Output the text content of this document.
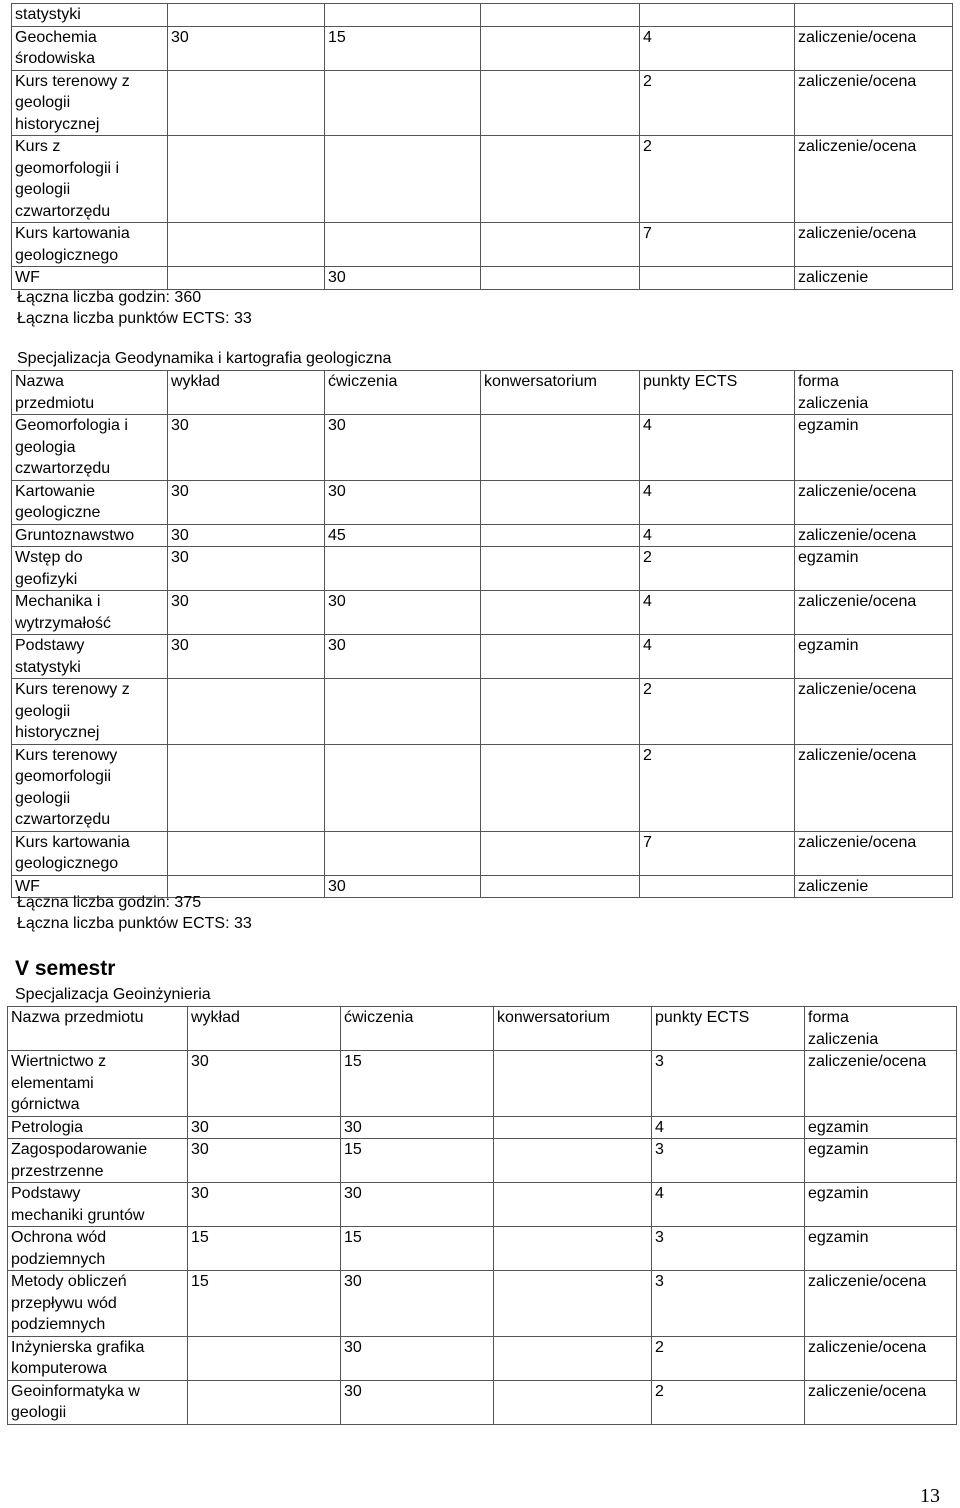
statystyki					
Geochemia
środowiska	30	15		4	zaliczenie/ocena
Kurs terenowy z
geologii
historycznej				2	zaliczenie/ocena
Kurs z
geomorfologii i
geologii
czwartorzędu				2	zaliczenie/ocena
Kurs kartowania
geologicznego				7	zaliczenie/ocena
WF		30			zaliczenie
Łączna liczba godzin: 360
Łączna liczba punktów ECTS: 33
Specjalizacja Geodynamika i kartografia geologiczna
Nazwa
przedmiotu	wykład	ćwiczenia	konwersatorium	punkty ECTS	forma
zaliczenia
Geomorfologia i
geologia
czwartorzędu	30	30		4	egzamin
Kartowanie
geologiczne	30	30		4	zaliczenie/ocena
Gruntoznawstwo	30	45		4	zaliczenie/ocena
Wstęp do
geofizyki	30			2	egzamin
Mechanika i
wytrzymałość	30	30		4	zaliczenie/ocena
Podstawy
statystyki	30	30		4	egzamin
Kurs terenowy z
geologii
historycznej				2	zaliczenie/ocena
Kurs terenowy
geomorfologii
geologii
czwartorzędu				2	zaliczenie/ocena
Kurs kartowania
geologicznego				7	zaliczenie/ocena
WF		30			zaliczenie
Łączna liczba godzin: 375
Łączna liczba punktów ECTS: 33
V semestr
Specjalizacja Geoinżynieria
Nazwa przedmiotu	wykład	ćwiczenia	konwersatorium	punkty ECTS	forma
zaliczenia
Wiertnictwo z
elementami
górnictwa	30	15		3	zaliczenie/ocena
Petrologia	30	30		4	egzamin
Zagospodarowanie
przestrzenne	30	15		3	egzamin
Podstawy
mechaniki gruntów	30	30		4	egzamin
Ochrona wód
podziemnych	15	15		3	egzamin
Metody obliczeń
przepływu wód
podziemnych	15	30		3	zaliczenie/ocena
Inżynierska grafika
komputerowa		30		2	zaliczenie/ocena
Geoinformatyka w
geologii		30		2	zaliczenie/ocena
13
